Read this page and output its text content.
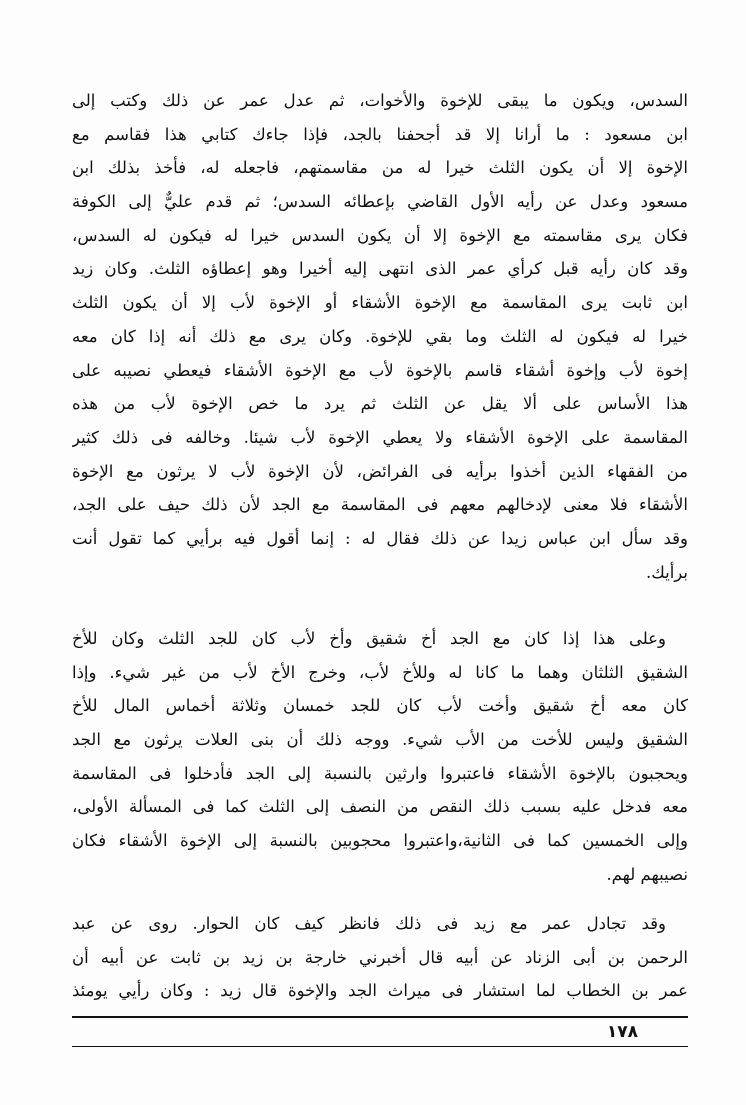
السدس، ويكون ما يبقى للإخوة والأخوات، ثم عدل عمر عن ذلك وكتب إلى
ابن مسعود : ما أرانا إلا قد أجحفنا بالجد، فإذا جاءك كتابي هذا فقاسم مع
الإخوة إلا أن يكون الثلث خيرا له من مقاسمتهم، فاجعله له، فأخذ بذلك ابن
مسعود وعدل عن رأيه الأول القاضي بإعطائه السدس؛ ثم قدم عليٌّ إلى الكوفة
فكان يرى مقاسمته مع الإخوة إلا أن يكون السدس خيرا له فيكون له السدس،
وقد كان رأيه قبل كرأي عمر الذى انتهى إليه أخيرا وهو إعطاؤه الثلث. وكان زيد
ابن ثابت يرى المقاسمة مع الإخوة الأشقاء أو الإخوة لأب إلا أن يكون الثلث
خيرا له فيكون له الثلث وما بقي للإخوة. وكان يرى مع ذلك أنه إذا كان معه
إخوة لأب وإخوة أشقاء قاسم بالإخوة لأب مع الإخوة الأشقاء فيعطي نصيبه على
هذا الأساس على ألا يقل عن الثلث ثم يرد ما خص الإخوة لأب من هذه
المقاسمة على الإخوة الأشقاء ولا يعطي الإخوة لأب شيئا. وخالفه فى ذلك كثير
من الفقهاء الذين أخذوا برأيه فى الفرائض، لأن الإخوة لأب لا يرثون مع الإخوة
الأشقاء فلا معنى لإدخالهم معهم فى المقاسمة مع الجد لأن ذلك حيف على الجد،
وقد سأل ابن عباس زيدا عن ذلك فقال له : إنما أقول فيه برأيي كما تقول أنت
برأيك.
وعلى هذا إذا كان مع الجد أخ شقيق وأخ لأب كان للجد الثلث وكان للأخ
الشقيق الثلثان وهما ما كانا له وللأخ لأب، وخرج الأخ لأب من غير شيء. وإذا
كان معه أخ شقيق وأخت لأب كان للجد خمسان وثلاثة أخماس المال للأخ
الشقيق وليس للأخت من الأب شيء. ووجه ذلك أن بنى العلات يرثون مع الجد
ويحجبون بالإخوة الأشقاء فاعتبروا وارثين بالنسبة إلى الجد فأدخلوا فى المقاسمة
معه فدخل عليه بسبب ذلك النقص من النصف إلى الثلث كما فى المسألة الأولى،
وإلى الخمسين كما فى الثانية،واعتبروا محجوبين بالنسبة إلى الإخوة الأشقاء فكان
نصيبهم لهم.
وقد تجادل عمر مع زيد فى ذلك فانظر كيف كان الحوار. روى عن عبد
الرحمن بن أبى الزناد عن أبيه قال أخبرني خارجة بن زيد بن ثابت عن أبيه أن
عمر بن الخطاب لما استشار فى ميراث الجد والإخوة قال زيد : وكان رأيي يومئذ
١٧٨
